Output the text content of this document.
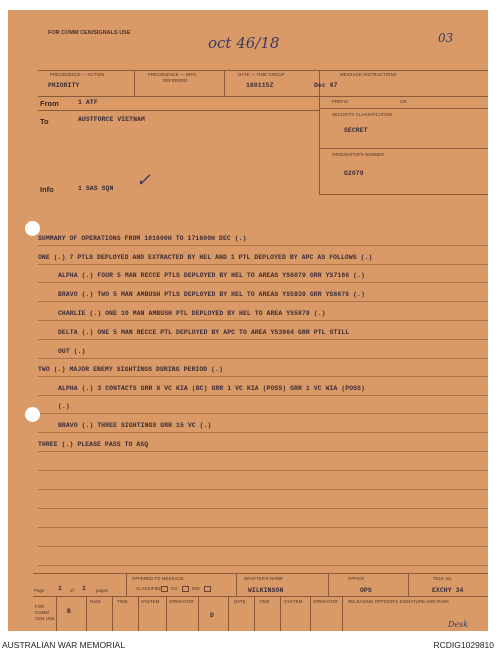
FOR COMM CEN/SIGNALS USE
oct 46/18	03
PRECEDENCE — ACTION
PRIORITY
PRECEDENCE — INFO
DEFERRED
DATE — TIME GROUP
180115Z	Dec 67
MESSAGE INSTRUCTIONS
From	1 ATF	PREFIX	GR
To	AUSTFORCE VIETNAM
SECURITY CLASSIFICATION
SECRET
ORIGINATOR'S NUMBER
G2079
Info	1 SAS SQN ✓
SUMMARY OF OPERATIONS FROM 101600H TO 171600H DEC (.)
ONE (.) 7 PTLS DEPLOYED AND EXTRACTED BY HEL AND 1 PTL DEPLOYED BY APC AS FOLLOWS (.)
ALPHA (.) FOUR 5 MAN RECCE PTLS DEPLOYED BY HEL TO AREAS YS6079 GRR YS7166 (.)
BRAVO (.) TWO 5 MAN AMBUSH PTLS DEPLOYED BY HEL TO AREAS YS5939 GRR YS6676 (.)
CHARLIE (.) ONE 10 MAN AMBUSH PTL DEPLOYED BY HEL TO AREA YS5879 (.)
DELTA (.) ONE 5 MAN RECCE PTL DEPLOYED BY APC TO AREA YS3964 GRR PTL STILL
OUT (.)
TWO (.) MAJOR ENEMY SIGHTINGS DURING PERIOD (.)
ALPHA (.) 3 CONTACTS GRR 8 VC KIA (BC) GRR 1 VC KIA (POSS) GRR 1 VC WIA (POSS)
(.)
BRAVO (.) THREE SIGHTINGS GRR 15 VC (.)
THREE (.) PLEASE PASS TO ASQ
Page 1 of 1 pages
OFFERED TO MESSAGE
CLASSIFIED CO	IND
DRAFTER'S NAME
WILKINSON
OFFICE
OPS
TELE No.
EXCHY 34
FOR COMM CEN USE
B
RAID	TIME	SYSTEM OPERATOR
D
DATE	TIME	SYSTEM OPERATOR RELEASING OFFICER'S SIGNATURE AND RANK
Desk
AUSTRALIAN WAR MEMORIAL	RCDIG1029810
